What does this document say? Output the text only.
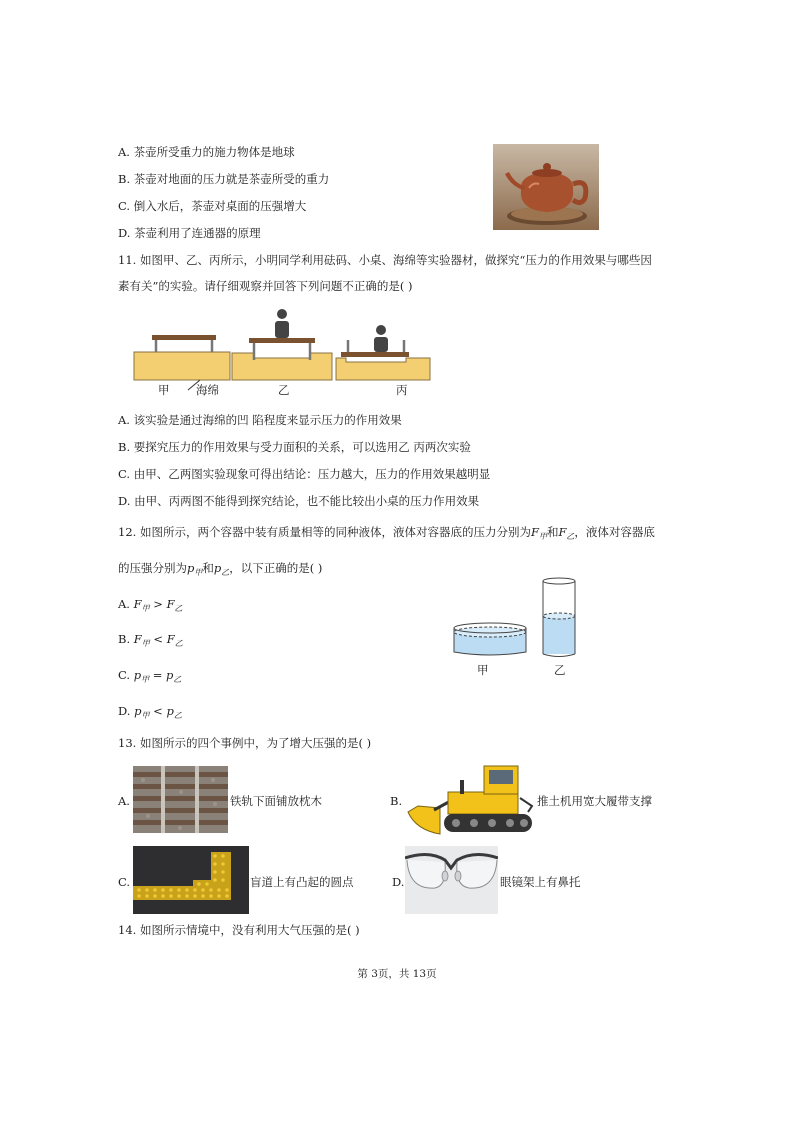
A. 茶壶所受重力的施力物体是地球
B. 茶壶对地面的压力就是茶壶所受的重力
C. 倒入水后，茶壶对桌面的压强增大
D. 茶壶利用了连通器的原理
11. 如图甲、乙、丙所示，小明同学利用砝码、小桌、海绵等实验器材，做探究“压力的作用效果与哪些因
素有关”的实验。请仔细观察并回答下列问题不正确的是( )
甲 海绵	乙	丙
A. 该实验是通过海绵的凹 陷程度来显示压力的作用效果
B. 要探究压力的作用效果与受力面积的关系，可以选用乙 丙两次实验
C. 由甲、乙两图实验现象可得出结论：压力越大，压力的作用效果越明显
D. 由甲、丙两图不能得到探究结论，也不能比较出小桌的压力作用效果
12. 如图所示，两个容器中装有质量相等的同种液体，液体对容器底的压力分别为$F_甲$和$F_乙$，液体对容器底
的压强分别为$p_甲$和$p_乙$，以下正确的是( )
A. $F_甲 > F_乙$
B. $F_甲 < F_乙$
C. $p_甲 = p_乙$
D. $p_甲 < p_乙$
甲	乙
13. 如图所示的四个事例中，为了增大压强的是( )
A.	铁轨下面铺放枕木	B.	推土机用宽大履带支撑
C.	盲道上有凸起的圆点	D.	眼镜架上有鼻托
14. 如图所示情境中，没有利用大气压强的是( )
第 3页，共 13页
